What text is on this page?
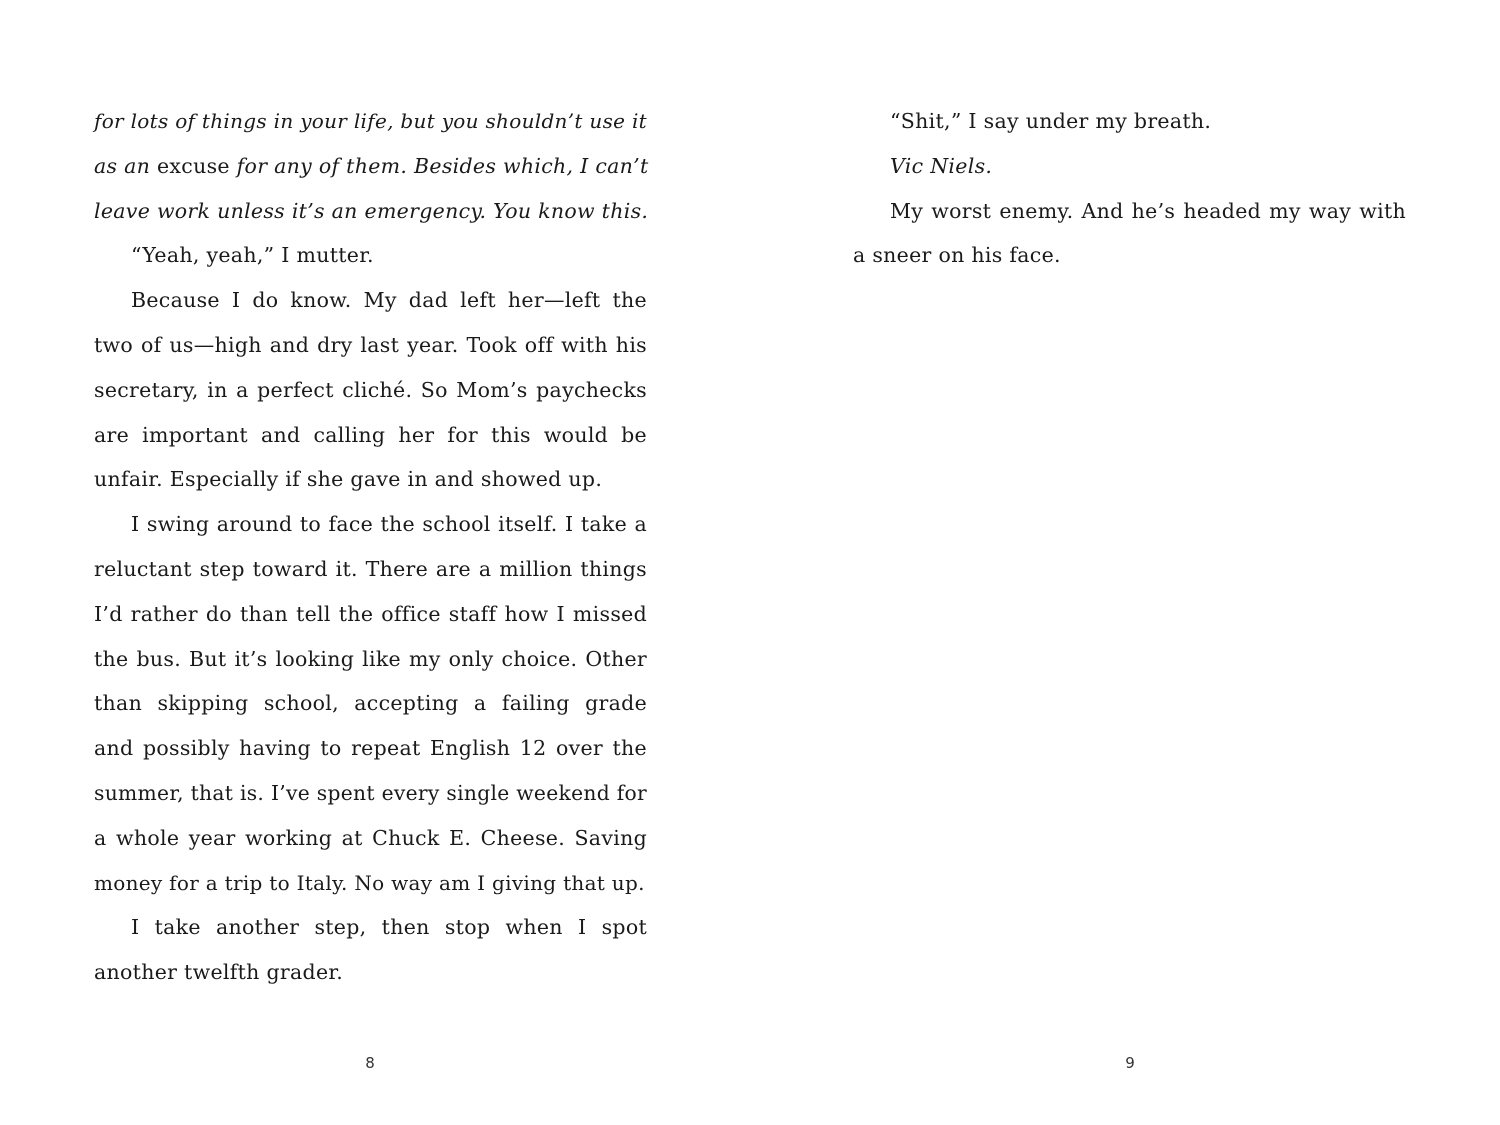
for lots of things in your life, but you shouldn’t use it
as an excuse for any of them. Besides which, I can’t
leave work unless it’s an emergency. You know this.
“Yeah, yeah,” I mutter.
Because I do know. My dad left her—left the
two of us—high and dry last year. Took off with his
secretary, in a perfect cliché. So Mom’s paychecks
are important and calling her for this would be
unfair. Especially if she gave in and showed up.
I swing around to face the school itself. I take a
reluctant step toward it. There are a million things
I’d rather do than tell the office staff how I missed
the bus. But it’s looking like my only choice. Other
than skipping school, accepting a failing grade
and possibly having to repeat English 12 over the
summer, that is. I’ve spent every single weekend for
a whole year working at Chuck E. Cheese. Saving
money for a trip to Italy. No way am I giving that up.
I take another step, then stop when I spot
another twelfth grader.
“Shit,” I say under my breath.
Vic Niels.
My worst enemy. And he’s headed my way with
a sneer on his face.
8	9
